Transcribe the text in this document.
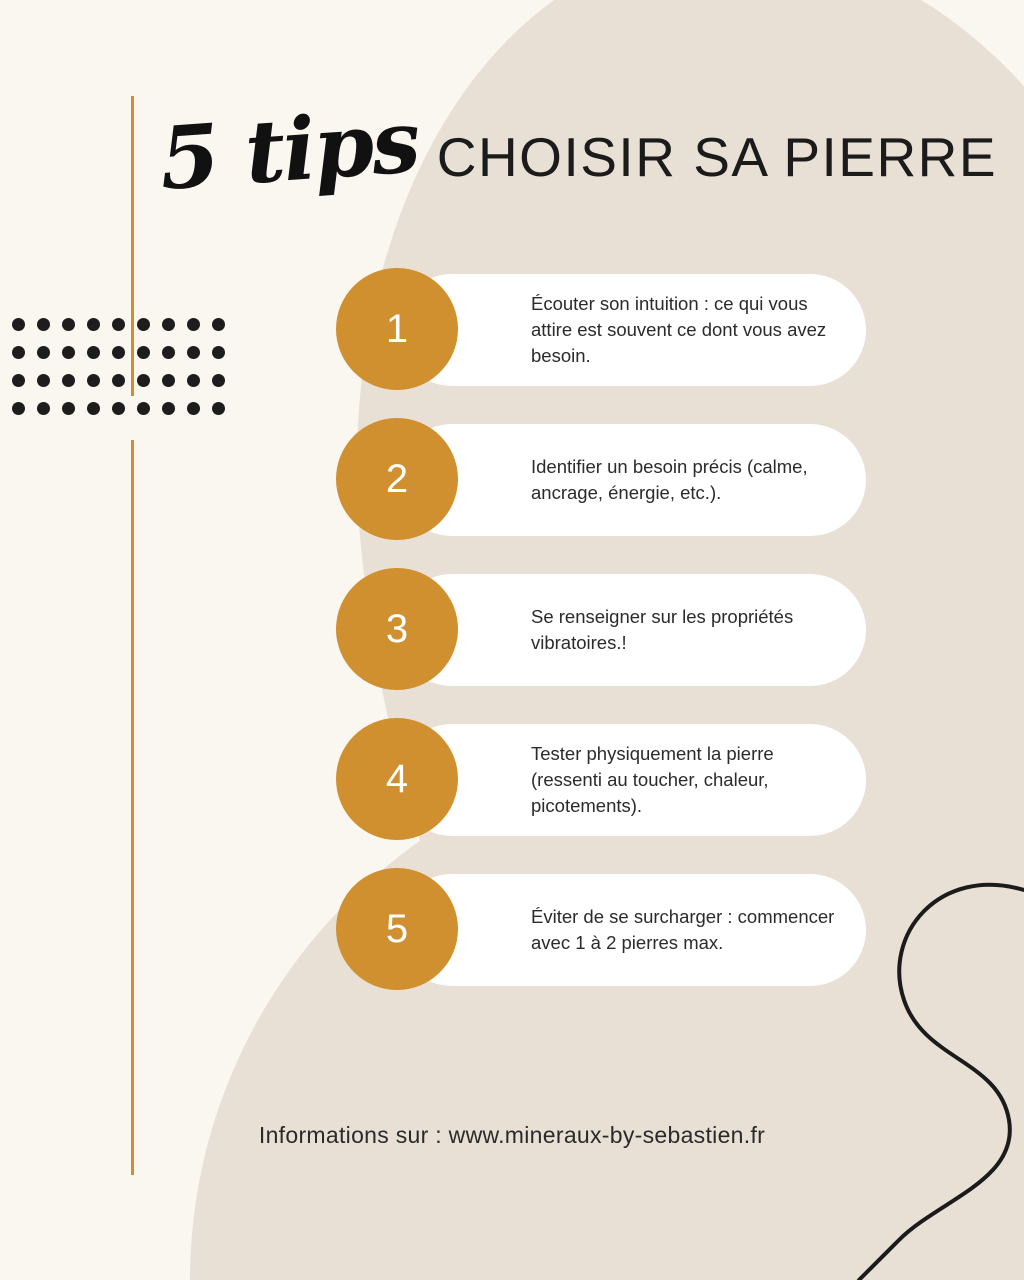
5 tips CHOISIR SA PIERRE
Écouter son intuition : ce qui vous attire est souvent ce dont vous avez besoin.
1
Identifier un besoin précis (calme, ancrage, énergie, etc.).
2
Se renseigner sur les propriétés vibratoires.!
3
Tester physiquement la pierre (ressenti au toucher, chaleur, picotements).
4
Éviter de se surcharger : commencer avec 1 à 2 pierres max.
5
Informations sur : www.mineraux-by-sebastien.fr
